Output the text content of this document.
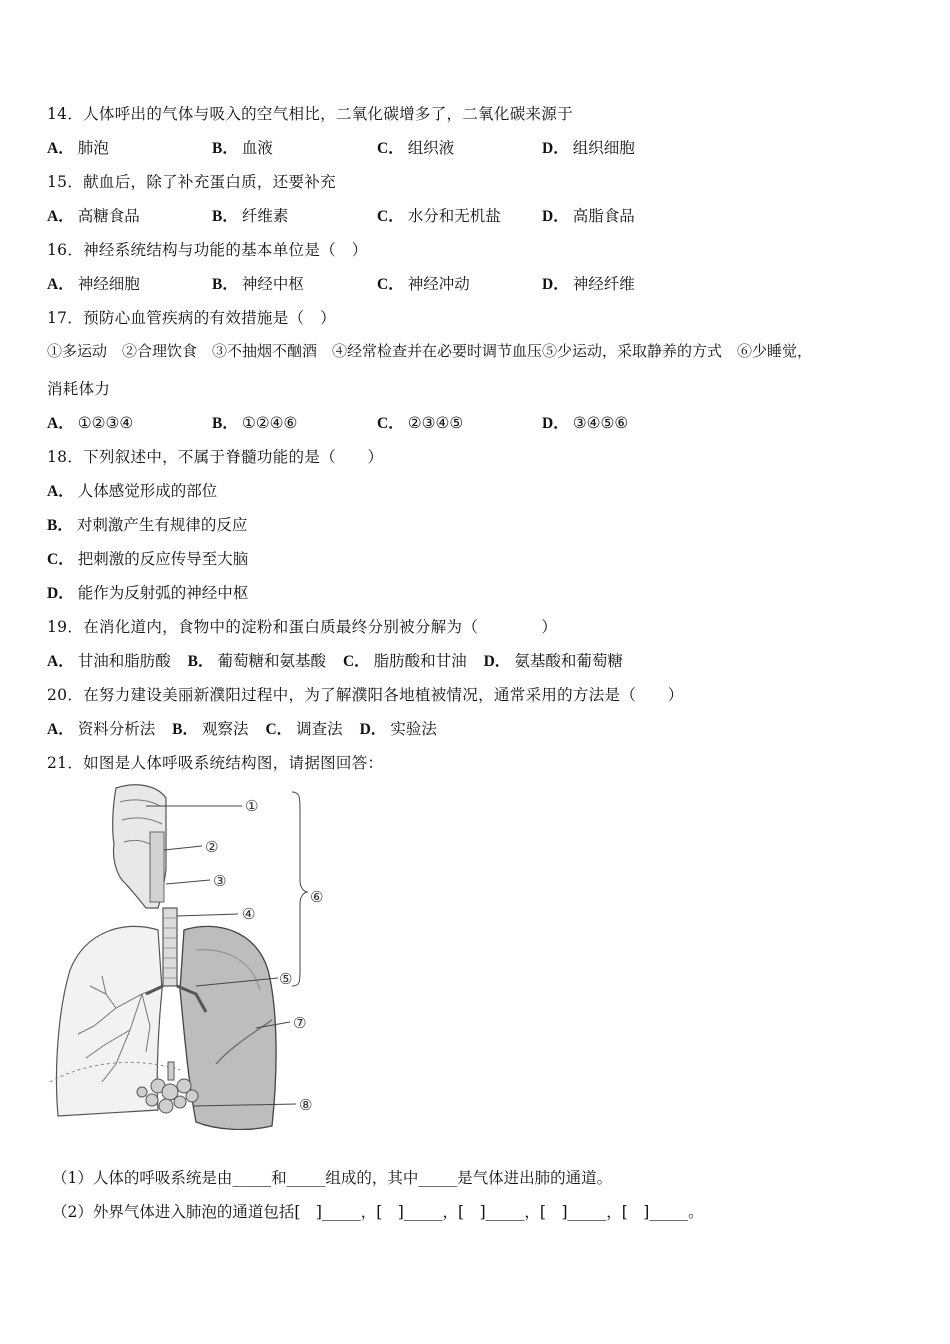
14．人体呼出的气体与吸入的空气相比，二氧化碳增多了，二氧化碳来源于
A． 肺泡	B． 血液	C． 组织液	D． 组织细胞
15．献血后，除了补充蛋白质，还要补充
A． 高糖食品	B． 纤维素	C． 水分和无机盐	D． 高脂食品
16．神经系统结构与功能的基本单位是（　）
A． 神经细胞	B． 神经中枢	C． 神经冲动	D． 神经纤维
17．预防心血管疾病的有效措施是（　）
①多运动　②合理饮食　③不抽烟不酗酒　④经常检查并在必要时调节血压⑤少运动，采取静养的方式　⑥少睡觉，
消耗体力
A． ①②③④	B． ①②④⑥	C． ②③④⑤	D． ③④⑤⑥
18．下列叙述中，不属于脊髓功能的是（　　）
A． 人体感觉形成的部位
B． 对刺激产生有规律的反应
C． 把刺激的反应传导至大脑
D． 能作为反射弧的神经中枢
19．在消化道内，食物中的淀粉和蛋白质最终分别被分解为（　　　　）
A． 甘油和脂肪酸 B． 葡萄糖和氨基酸 C． 脂肪酸和甘油 D． 氨基酸和葡萄糖
20．在努力建设美丽新濮阳过程中，为了解濮阳各地植被情况，通常采用的方法是（　　）
A． 资料分析法 B． 观察法 C． 调查法 D． 实验法
21．如图是人体呼吸系统结构图，请据图回答：
①
②
③
④
⑤
⑥
⑦
⑧
（1）人体的呼吸系统是由_____和_____组成的，其中_____是气体进出肺的通道。
（2）外界气体进入肺泡的通道包括[　]_____，[　]_____，[　]_____，[　]_____，[　]_____。
